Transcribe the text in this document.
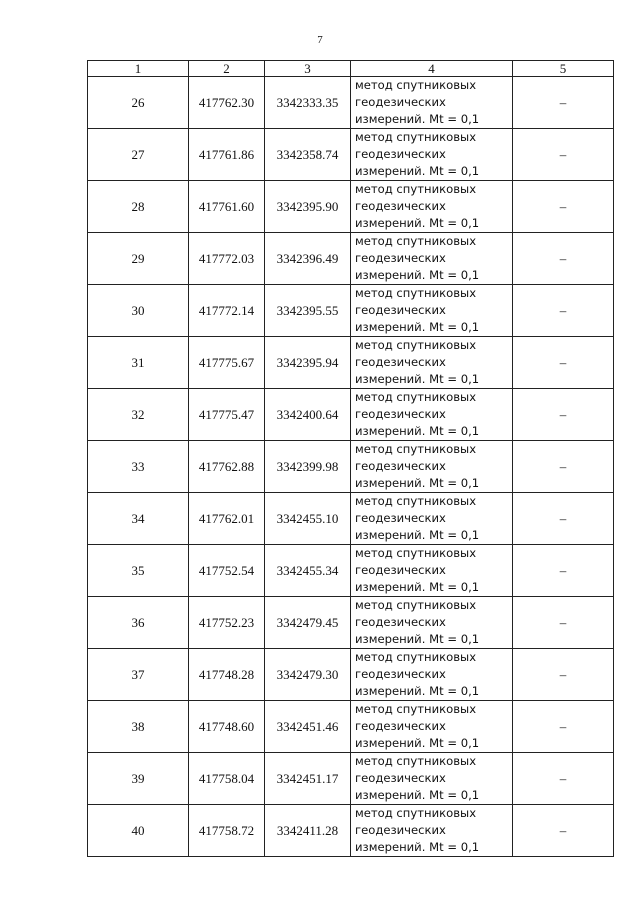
7
1	2	3	4	5
26	417762.30	3342333.35	метод спутниковых
геодезических
измерений. Mt = 0,1	–
27	417761.86	3342358.74	метод спутниковых
геодезических
измерений. Mt = 0,1	–
28	417761.60	3342395.90	метод спутниковых
геодезических
измерений. Mt = 0,1	–
29	417772.03	3342396.49	метод спутниковых
геодезических
измерений. Mt = 0,1	–
30	417772.14	3342395.55	метод спутниковых
геодезических
измерений. Mt = 0,1	–
31	417775.67	3342395.94	метод спутниковых
геодезических
измерений. Mt = 0,1	–
32	417775.47	3342400.64	метод спутниковых
геодезических
измерений. Mt = 0,1	–
33	417762.88	3342399.98	метод спутниковых
геодезических
измерений. Mt = 0,1	–
34	417762.01	3342455.10	метод спутниковых
геодезических
измерений. Mt = 0,1	–
35	417752.54	3342455.34	метод спутниковых
геодезических
измерений. Mt = 0,1	–
36	417752.23	3342479.45	метод спутниковых
геодезических
измерений. Mt = 0,1	–
37	417748.28	3342479.30	метод спутниковых
геодезических
измерений. Mt = 0,1	–
38	417748.60	3342451.46	метод спутниковых
геодезических
измерений. Mt = 0,1	–
39	417758.04	3342451.17	метод спутниковых
геодезических
измерений. Mt = 0,1	–
40	417758.72	3342411.28	метод спутниковых
геодезических
измерений. Mt = 0,1	–
